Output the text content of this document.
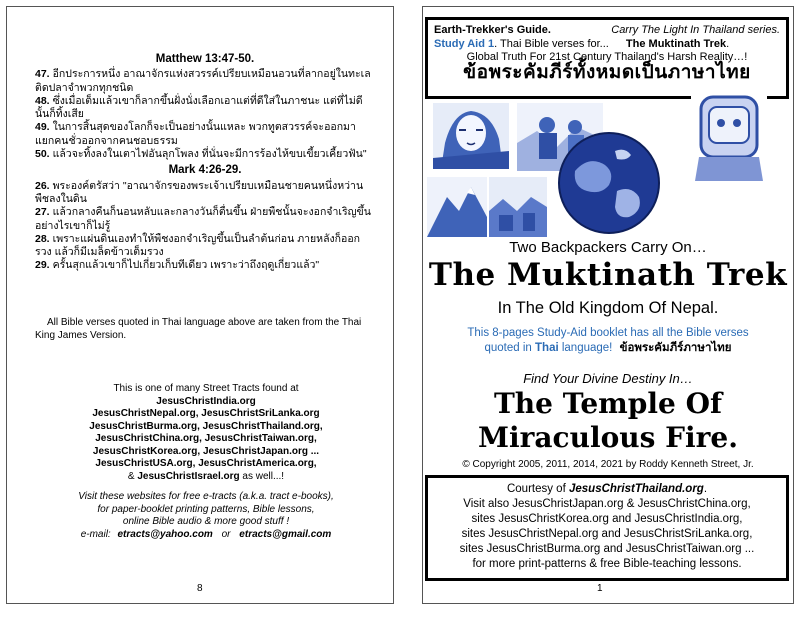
Matthew 13:47-50.

47. อีกประการหนึ่ง อาณาจักรแห่งสวรรค์เปรียบเหมือนอวนที่ลากอยู่ในทะเล ติดปลาจำพวกทุกชนิด

48. ซึ่งเมื่อเต็มแล้วเขาก็ลากขึ้นฝั่งนั่งเลือกเอาแต่ที่ดีใส่ในภาชนะ แต่ที่ไม่ดีนั้นก็ทิ้งเสีย

49. ในการสิ้นสุดของโลกก็จะเป็นอย่างนั้นแหละ พวกทูตสวรรค์จะออกมาแยกคนชั่วออกจากคนชอบธรรม

50. แล้วจะทิ้งลงในเตาไฟอันลุกโพลง ที่นั่นจะมีการร้องไห้ขบเขี้ยวเคี้ยวฟัน"

Mark 4:26-29.

26. พระองค์ตรัสว่า "อาณาจักรของพระเจ้าเปรียบเหมือนชายคนหนึ่งหว่านพืชลงในดิน

27. แล้วกลางคืนก็นอนหลับและกลางวันก็ตื่นขึ้น ฝ่ายพืชนั้นจะงอกจำเริญขึ้นอย่างไรเขาก็ไม่รู้

28. เพราะแผ่นดินเองทำให้พืชงอกจำเริญขึ้นเป็นลำต้นก่อน ภายหลังก็ออกรวง แล้วก็มีเมล็ดข้าวเต็มรวง

29. ครั้นสุกแล้วเขาก็ไปเกี่ยวเก็บทีเดียว เพราะว่าถึงฤดูเกี่ยวแล้ว"

All Bible verses quoted in Thai language above are taken from the Thai King James Version.
This is one of many Street Tracts found at
JesusChristIndia.org
JesusChristNepal.org, JesusChristSriLanka.org
JesusChristBurma.org, JesusChristThailand.org,
JesusChristChina.org, JesusChristTaiwan.org,
JesusChristKorea.org, JesusChristJapan.org ...
JesusChristUSA.org, JesusChristAmerica.org,
& JesusChristIsrael.org as well...!
Visit these websites for free e-tracts (a.k.a. tract e-books),
for paper-booklet printing patterns, Bible lessons,
online Bible audio & more good stuff !
e-mail: etracts@yahoo.com or etracts@gmail.com
8
Earth-Trekker's Guide.	Carry The Light In Thailand series.
Study Aid 1. Thai Bible verses for... The Muktinath Trek.
Global Truth For 21st Century Thailand's Harsh Reality…!
ข้อพระคัมภีร์ทั้งหมดเป็นภาษาไทย
Two Backpackers Carry On…
The Muktinath Trek
In The Old Kingdom Of Nepal.
This 8-pages Study-Aid booklet has all the Bible verses
quoted in Thai language! ข้อพระคัมภีร์ภาษาไทย
Find Your Divine Destiny In…
The Temple Of
Miraculous Fire.
© Copyright 2005, 2011, 2014, 2021 by Roddy Kenneth Street, Jr.
Courtesy of JesusChristThailand.org.
Visit also JesusChristJapan.org & JesusChristChina.org,
sites JesusChristKorea.org and JesusChristIndia.org,
sites JesusChristNepal.org and JesusChristSriLanka.org,
sites JesusChristBurma.org and JesusChristTaiwan.org ...
for more print-patterns & free Bible-teaching lessons.
1
